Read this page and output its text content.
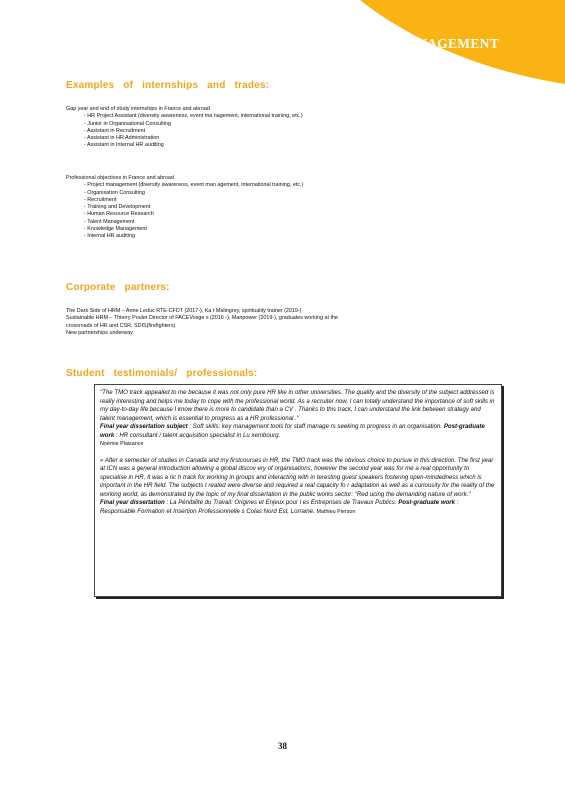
MANAGEMENT
Examples of internships and trades:
Gap year and end of study internships in France and abroad
- HR Project Assistant (diversity awareness, event ma nagement, international training, etc.)
- Junior in Organisational Consulting
- Assistant in Recruitment
- Assistant in HR Administration
- Assistant in Internal HR auditing
Professional objectives in France and abroad
- Project management (diversity awareness, event man agement, international training, etc.)
- Organisation Consulting
- Recruitment
- Training and Development
- Human Resource Research
- Talent Management
- Knowledge Management
- Internal HR auditing
Corporate partners:
The Dark Side of HRM – Anne Leduc RTE-CFDT (2017-), Ka t Malingrey, spirituality trainer (2019-)
Sustainable HRM – Thierry Poulet Director of FACEVosge s (2016 -), Manpower (2019-), graduates working at the
crossroads of HR and CSR, SDIS(firefighters)
New partnerships underway
Student testimonials/ professionals:

"The TMO track appealed to me because it was not only pure HR like in other universities. The quality and the diversity of the subject addressed is really interesting and helps me today to cope with the professional world. As a recruiter now, I can totally understand the importance of soft skills in my day-to-day life because I know there is more to candidate than a CV . Thanks to this track, I can understand the link between strategy and talent management, which is essential to progress as a HR professional ."

Final year dissertation subject : Soft skills: key management tools for staff manage rs seeking to progress in an organisation. Post-graduate work : HR consultant / talent acquisition specialist in Lu xembourg.

Noémie Plaisance

« After a semester of studies in Canada and my firstcourses in HR, the TMO track was the obvious choice to pursue in this direction. The first year at ICN was a general introduction allowing a global discov ery of organisations, however the second year was for me a real opportunity to specialise in HR. It was a ric h track for working in groups and interacting with in teresting guest speakers fostering open-mindedness which is important in the HR field. The subjects t reated were diverse and required a real capacity fo r adaptation as well as a curiousity for the reality of the working world, as demonstrated by the topic of my final dissertation in the public works sector: "Red ucing the demanding nature of work."

Final year dissertation : La Pénibilité du Travail: Origines et Enjeux pour l es Entreprises de Travaux Publics. Post-graduate work : Responsable Formation et Insertion Professionnelle s Colas Nord Est, Lorraine. Mathieu Pierson

38
